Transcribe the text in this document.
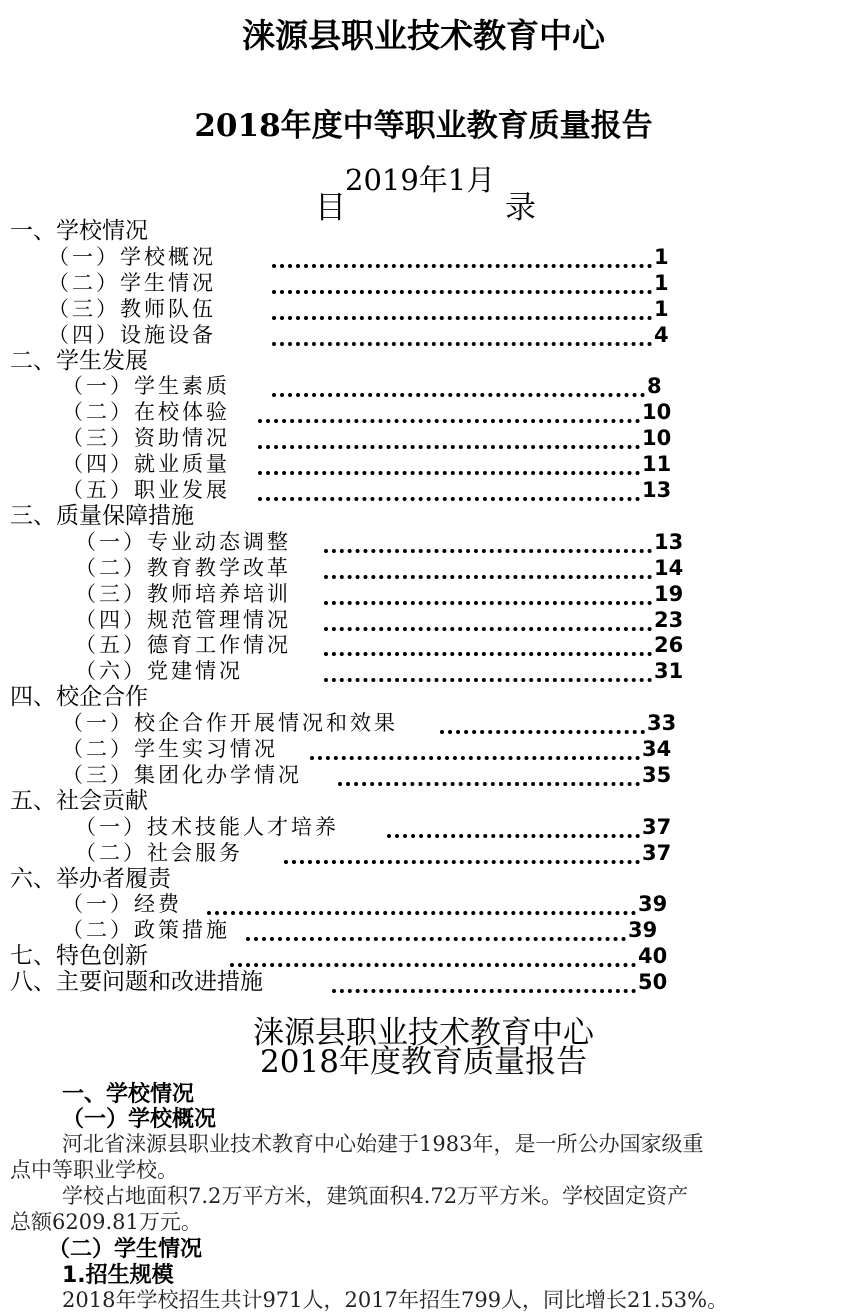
涞源县职业技术教育中心
2018年度中等职业教育质量报告
2019年1月
目	录
一、学校情况
（一）学校概况	1
（二）学生情况	1
（三）教师队伍	1
（四）设施设备	4
二、学生发展
（一）学生素质	8
（二）在校体验	10
（三）资助情况	10
（四）就业质量	11
（五）职业发展	13
三、质量保障措施
（一）专业动态调整	13
（二）教育教学改革	14
（三）教师培养培训	19
（四）规范管理情况	23
（五）德育工作情况	26
（六）党建情况	31
四、校企合作
（一）校企合作开展情况和效果	33
（二）学生实习情况	34
（三）集团化办学情况	35
五、社会贡献
（一）技术技能人才培养	37
（二）社会服务	37
六、举办者履责
（一）经费	39
（二）政策措施	39
七、特色创新	40
八、主要问题和改进措施	50
涞源县职业技术教育中心
2018年度教育质量报告
一、学校情况
（一）学校概况
河北省涞源县职业技术教育中心始建于1983年，是一所公办国家级重
点中等职业学校。
学校占地面积7.2万平方米，建筑面积4.72万平方米。学校固定资产
总额6209.81万元。
（二）学生情况
1.招生规模
2018年学校招生共计971人，2017年招生799人，同比增长21.53%。
